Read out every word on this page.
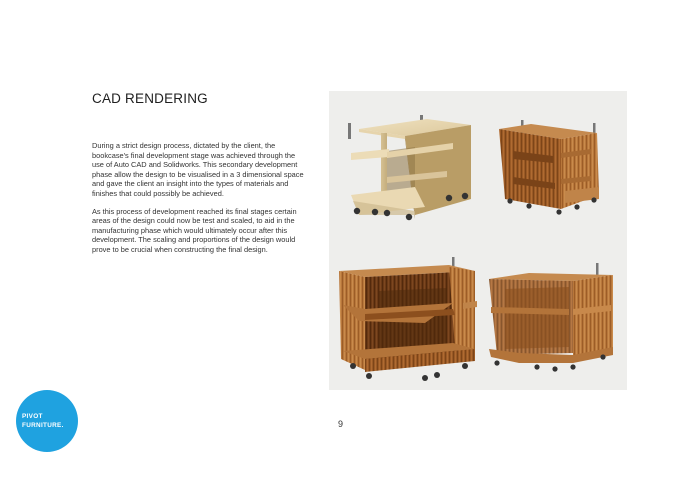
CAD RENDERING

During a strict design process, dictated by the client, the bookcase's final development stage was achieved through the use of Auto CAD and Solidworks. This secondary development phase allow the design to be visualised in a 3 dimensional space and gave the client an insight into the types of materials and finishes that could possibly be achieved.

As this process of development reached its final stages certain areas of the design could now be test and scaled, to aid in the manufacturing phase which would ultimately occur after this development. The scaling and proportions of the design would prove to be crucial when constructing the final design.

9
PIVOT
FURNITURE.
